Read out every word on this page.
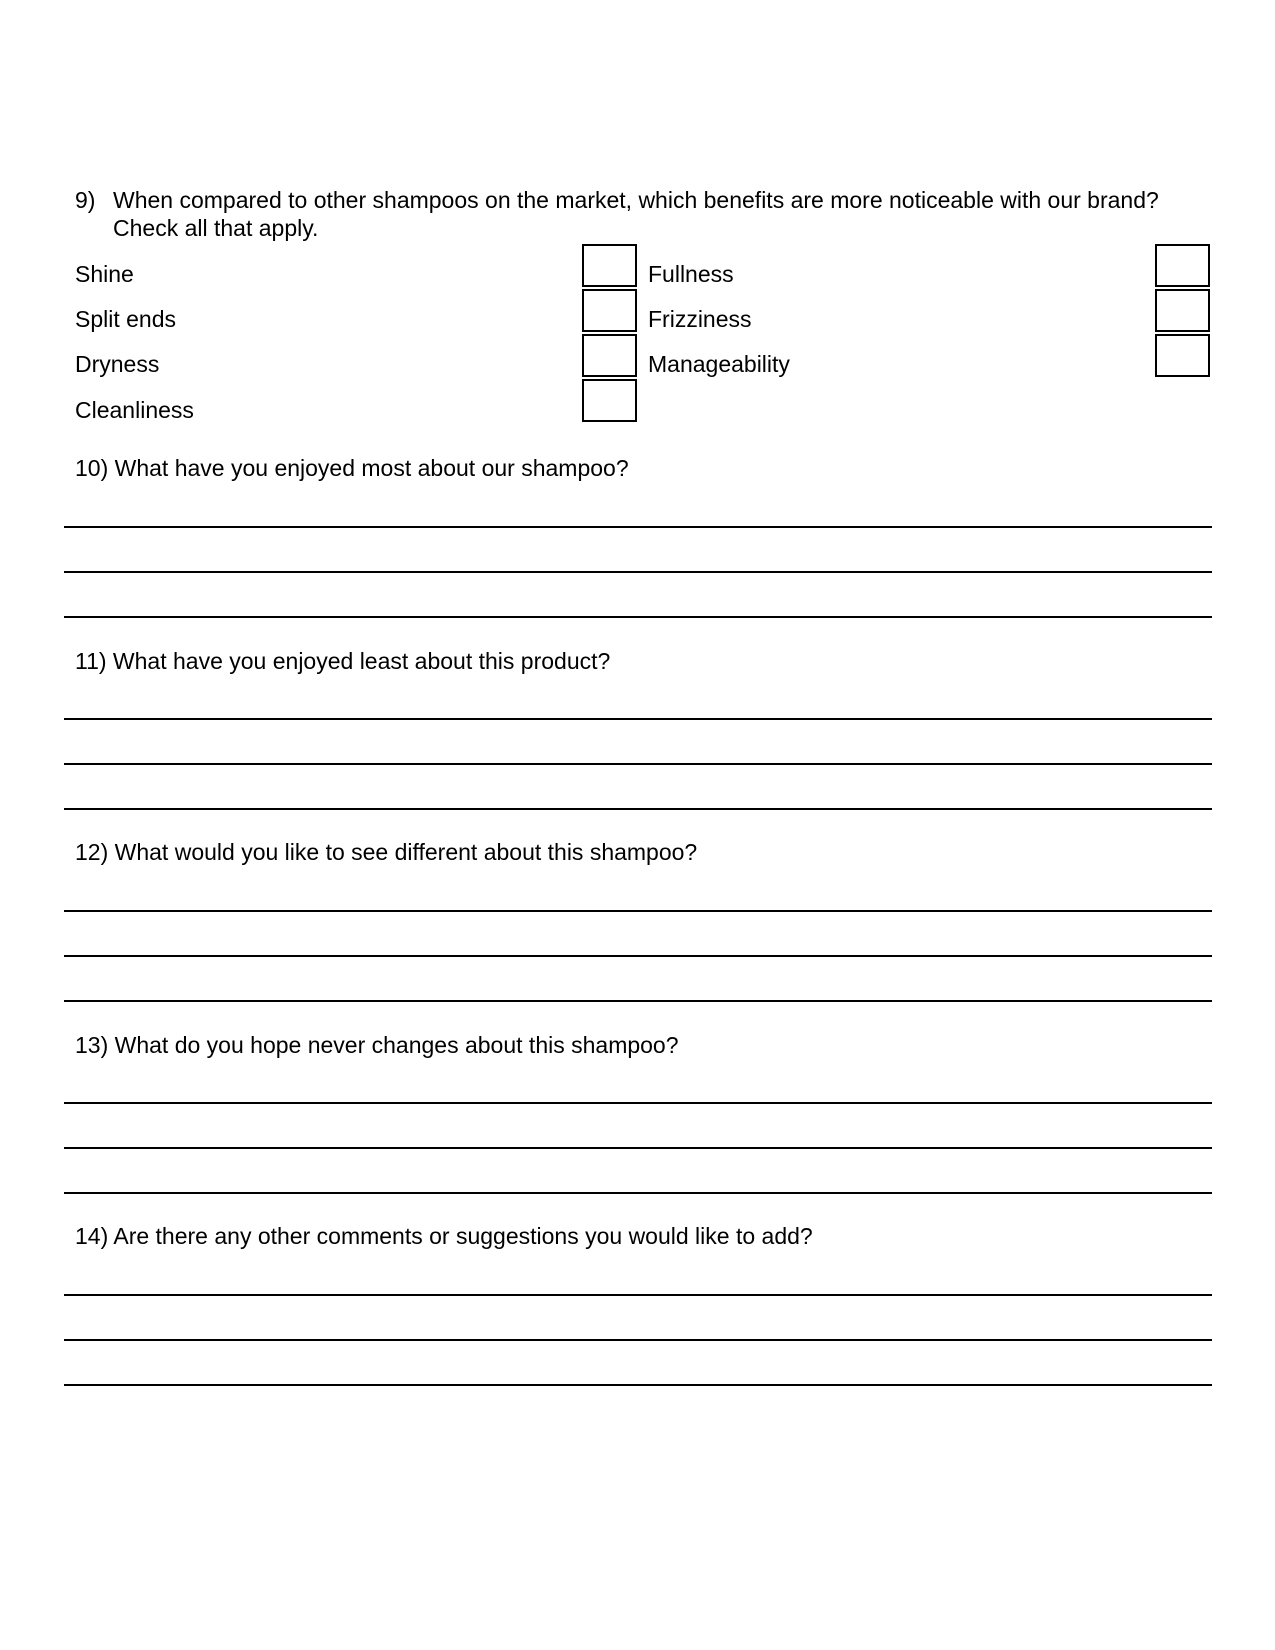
9) When compared to other shampoos on the market, which benefits are more noticeable with our brand?
Check all that apply.
Shine
Split ends
Dryness
Cleanliness
Fullness
Frizziness
Manageability
10) What have you enjoyed most about our shampoo?
11) What have you enjoyed least about this product?
12) What would you like to see different about this shampoo?
13) What do you hope never changes about this shampoo?
14) Are there any other comments or suggestions you would like to add?
